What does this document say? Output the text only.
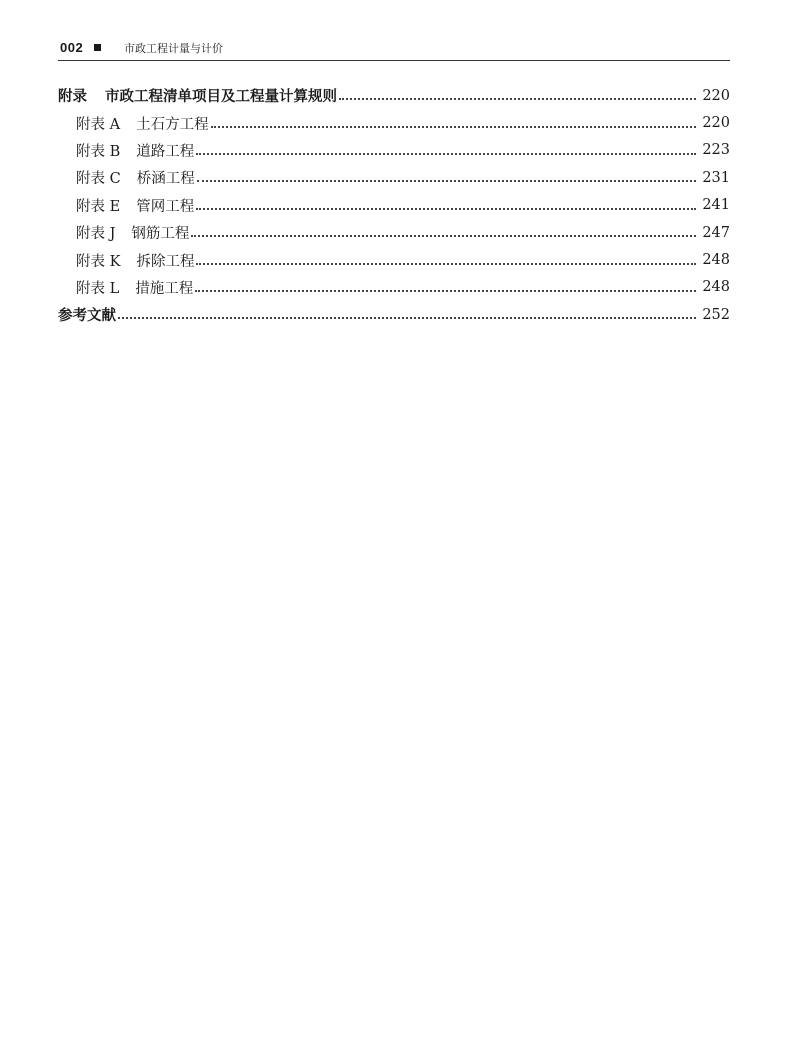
002	市政工程计量与计价
附录 市政工程清单项目及工程量计算规则	220
附表 A 土石方工程	220
附表 B 道路工程	223
附表 C 桥涵工程	231
附表 E 管网工程	241
附表 J 钢筋工程	247
附表 K 拆除工程	248
附表 L 措施工程	248
参考文献	252
